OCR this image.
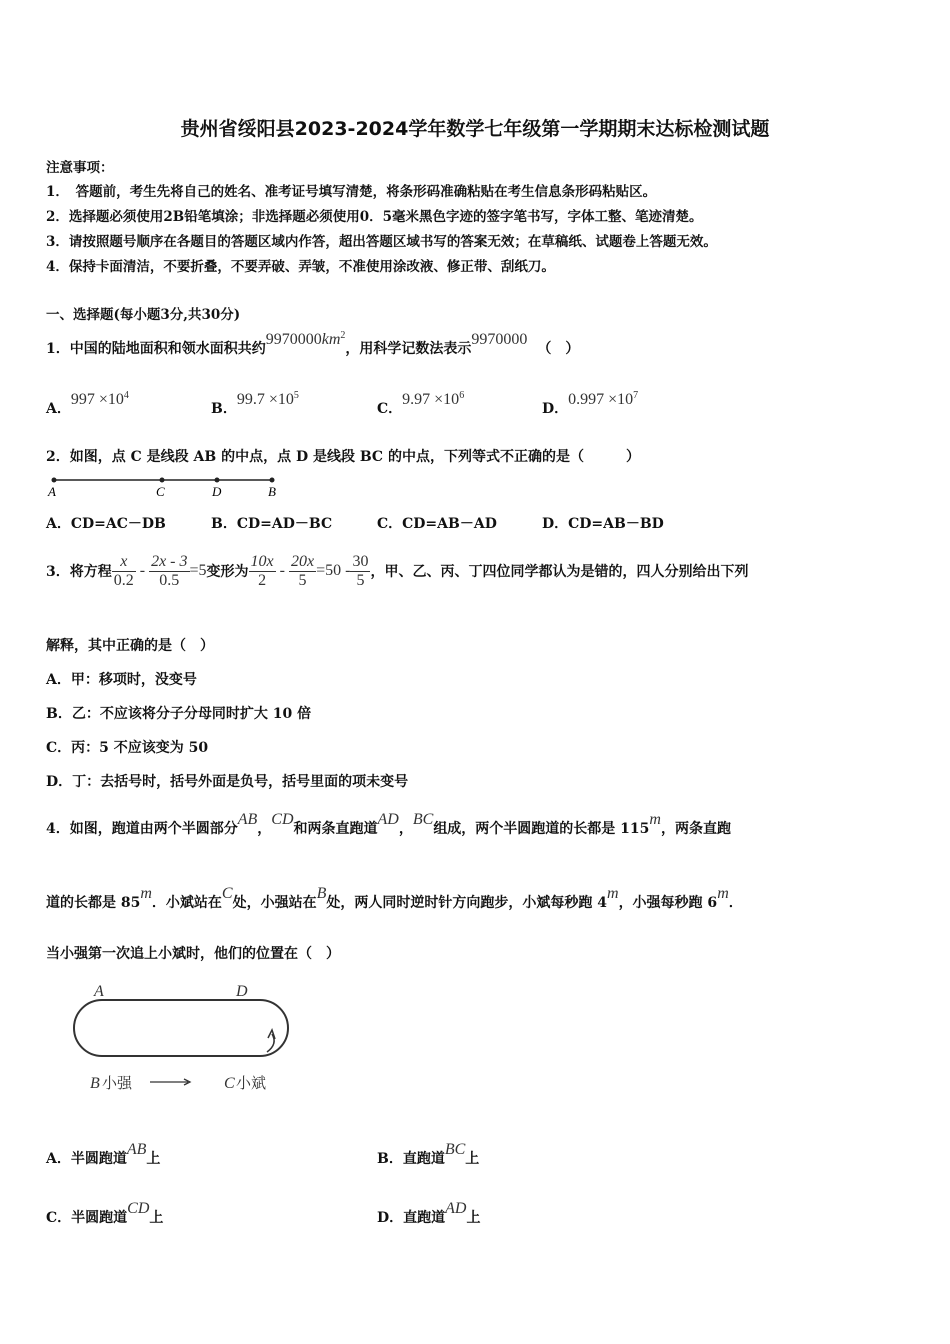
贵州省绥阳县2023-2024学年数学七年级第一学期期末达标检测试题
注意事项：
1．　答题前，考生先将自己的姓名、准考证号填写清楚，将条形码准确粘贴在考生信息条形码粘贴区。
2．选择题必须使用2B铅笔填涂；非选择题必须使用0．5毫米黑色字迹的签字笔书写，字体工整、笔迹清楚。
3．请按照题号顺序在各题目的答题区域内作答，超出答题区域书写的答案无效；在草稿纸、试题卷上答题无效。
4．保持卡面清洁，不要折叠，不要弄破、弄皱，不准使用涂改液、修正带、刮纸刀。
一、选择题(每小题3分,共30分)
1．中国的陆地面积和领水面积共约$9970000km^2$，用科学记数法表示9970000（　）
A．$997 \times 10^4$
B．$99.7 \times 10^5$
C．$9.97 \times 10^6$
D．$0.997 \times 10^7$
2．如图，点 C 是线段 AB 的中点，点 D 是线段 BC 的中点，下列等式不正确的是（　　　）
A	C	D	B
A．CD=AC－DB	B．CD=AD－BC	C．CD=AB－AD	D．CD=AB－BD
3．将方程 $\frac{x}{0.2} - \frac{2x - 3}{0.5} =5$ 变形为 $\frac{10x}{2} - \frac{20x}{5} =50 - \frac{30}{5}$ ，甲、乙、丙、丁四位同学都认为是错的，四人分别给出下列
解释，其中正确的是（　）
A．甲：移项时，没变号
B．乙：不应该将分子分母同时扩大 10 倍
C．丙：5 不应该变为 50
D．丁：去括号时，括号外面是负号，括号里面的项未变号
4．如图，跑道由两个半圆部分AB，CD和两条直跑道AD，BC组成，两个半圆跑道的长都是 115m，两条直跑
道的长都是 85m．小斌站在C处，小强站在B处，两人同时逆时针方向跑步，小斌每秒跑 4m，小强每秒跑 6m．
当小强第一次追上小斌时，他们的位置在（　）
A	D
B 小强	C 小斌
A．半圆跑道AB上	B．直跑道BC上
C．半圆跑道CD上	D．直跑道AD上
